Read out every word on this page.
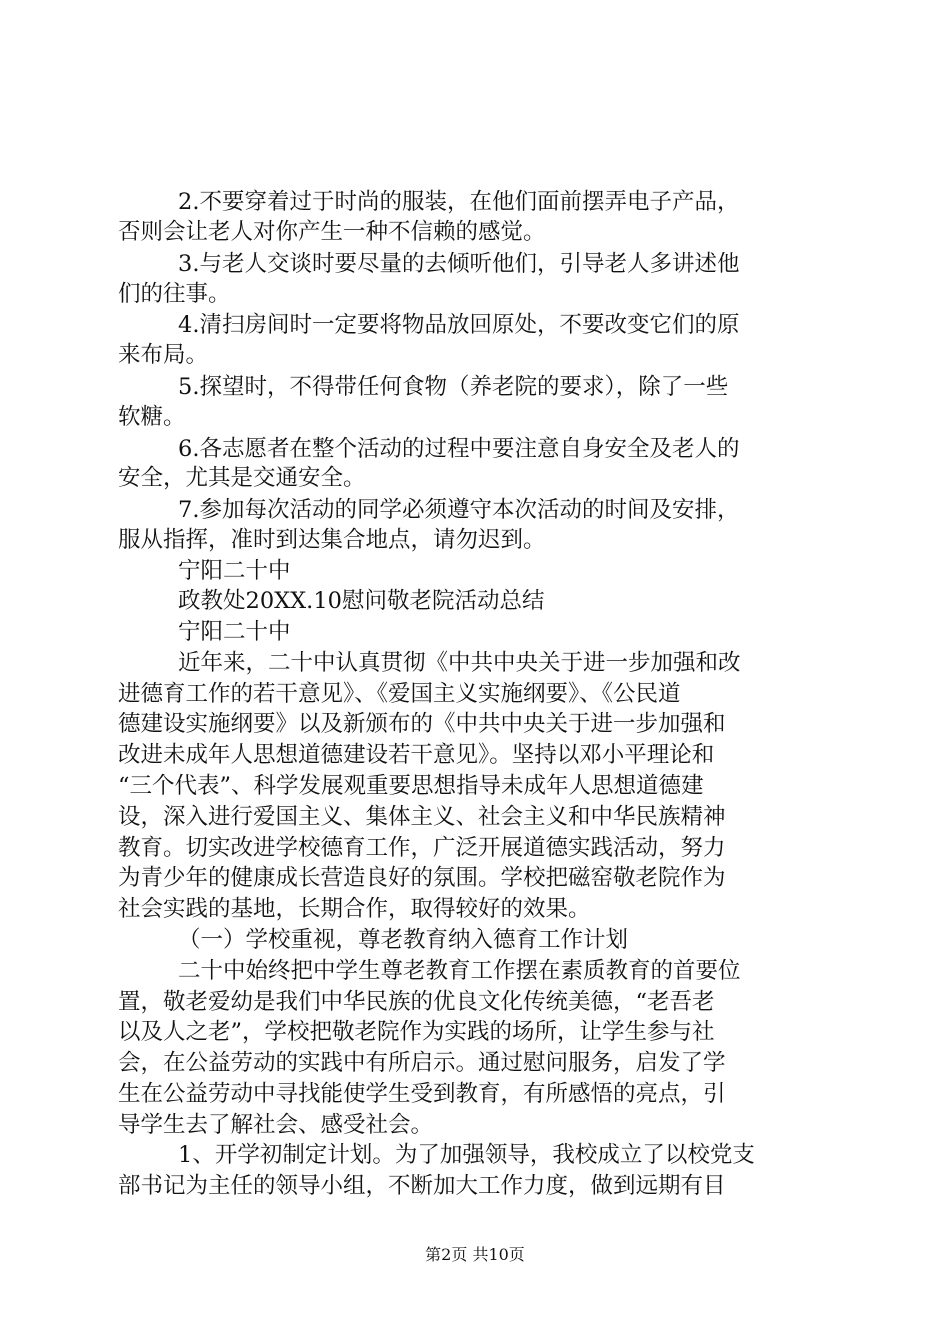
2.不要穿着过于时尚的服装，在他们面前摆弄电子产品，
否则会让老人对你产生一种不信赖的感觉。
3.与老人交谈时要尽量的去倾听他们，引导老人多讲述他
们的往事。
4.清扫房间时一定要将物品放回原处，不要改变它们的原
来布局。
5.探望时，不得带任何食物（养老院的要求），除了一些
软糖。
6.各志愿者在整个活动的过程中要注意自身安全及老人的
安全，尤其是交通安全。
7.参加每次活动的同学必须遵守本次活动的时间及安排，
服从指挥，准时到达集合地点，请勿迟到。
宁阳二十中
政教处20XX.10慰问敬老院活动总结
宁阳二十中
近年来，二十中认真贯彻《中共中央关于进一步加强和改
进德育工作的若干意见》、《爱国主义实施纲要》、《公民道
德建设实施纲要》以及新颁布的《中共中央关于进一步加强和
改进未成年人思想道德建设若干意见》。坚持以邓小平理论和
“三个代表”、科学发展观重要思想指导未成年人思想道德建
设，深入进行爱国主义、集体主义、社会主义和中华民族精神
教育。切实改进学校德育工作，广泛开展道德实践活动，努力
为青少年的健康成长营造良好的氛围。学校把磁窑敬老院作为
社会实践的基地，长期合作，取得较好的效果。
（一）学校重视，尊老教育纳入德育工作计划
二十中始终把中学生尊老教育工作摆在素质教育的首要位
置，敬老爱幼是我们中华民族的优良文化传统美德，“老吾老
以及人之老”，学校把敬老院作为实践的场所，让学生参与社
会，在公益劳动的实践中有所启示。通过慰问服务，启发了学
生在公益劳动中寻找能使学生受到教育，有所感悟的亮点，引
导学生去了解社会、感受社会。
1、开学初制定计划。为了加强领导，我校成立了以校党支
部书记为主任的领导小组，不断加大工作力度，做到远期有目
第2页 共10页
